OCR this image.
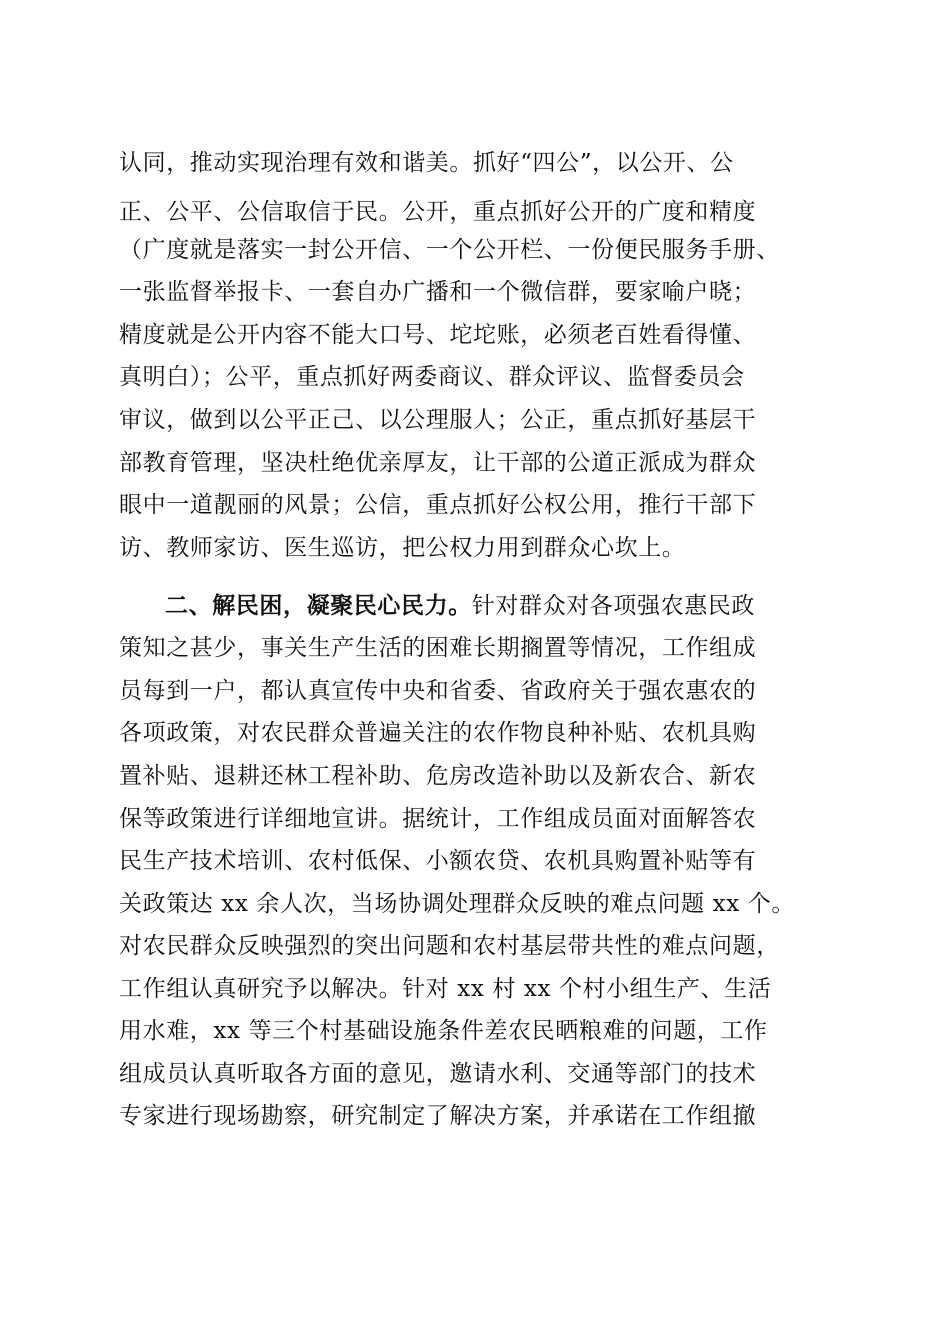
认同，推动实现治理有效和谐美。抓好“四公”，以公开、公
正、公平、公信取信于民。公开，重点抓好公开的广度和精度
（广度就是落实一封公开信、一个公开栏、一份便民服务手册、
一张监督举报卡、一套自办广播和一个微信群，要家喻户晓；
精度就是公开内容不能大口号、坨坨账，必须老百姓看得懂、
真明白）；公平，重点抓好两委商议、群众评议、监督委员会
审议，做到以公平正己、以公理服人；公正，重点抓好基层干
部教育管理，坚决杜绝优亲厚友，让干部的公道正派成为群众
眼中一道靓丽的风景；公信，重点抓好公权公用，推行干部下
访、教师家访、医生巡访，把公权力用到群众心坎上。
二、解民困，凝聚民心民力。针对群众对各项强农惠民政
策知之甚少，事关生产生活的困难长期搁置等情况，工作组成
员每到一户，都认真宣传中央和省委、省政府关于强农惠农的
各项政策，对农民群众普遍关注的农作物良种补贴、农机具购
置补贴、退耕还林工程补助、危房改造补助以及新农合、新农
保等政策进行详细地宣讲。据统计，工作组成员面对面解答农
民生产技术培训、农村低保、小额农贷、农机具购置补贴等有
关政策达 xx 余人次，当场协调处理群众反映的难点问题 xx 个。
对农民群众反映强烈的突出问题和农村基层带共性的难点问题，
工作组认真研究予以解决。针对 xx 村 xx 个村小组生产、生活
用水难，xx 等三个村基础设施条件差农民晒粮难的问题，工作
组成员认真听取各方面的意见，邀请水利、交通等部门的技术
专家进行现场勘察，研究制定了解决方案，并承诺在工作组撤
